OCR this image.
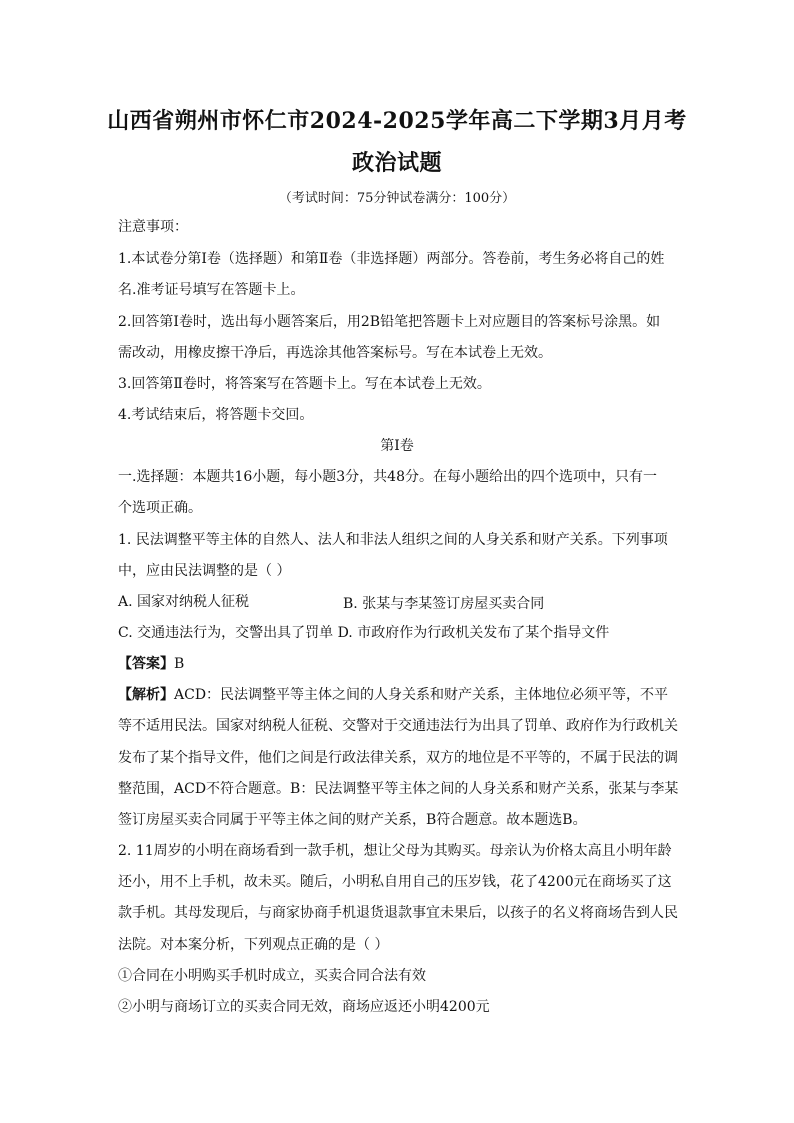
山西省朔州市怀仁市2024-2025学年高二下学期3月月考
政治试题
（考试时间：75分钟试卷满分：100分）
注意事项：
1.本试卷分第Ⅰ卷（选择题）和第Ⅱ卷（非选择题）两部分。答卷前，考生务必将自己的姓
名.准考证号填写在答题卡上。
2.回答第Ⅰ卷时，选出每小题答案后，用2B铅笔把答题卡上对应题目的答案标号涂黑。如
需改动，用橡皮擦干净后，再选涂其他答案标号。写在本试卷上无效。
3.回答第Ⅱ卷时，将答案写在答题卡上。写在本试卷上无效。
4.考试结束后，将答题卡交回。
第Ⅰ卷
一.选择题：本题共16小题，每小题3分，共48分。在每小题给出的四个选项中，只有一
个选项正确。
1. 民法调整平等主体的自然人、法人和非法人组织之间的人身关系和财产关系。下列事项
中，应由民法调整的是（ ）
A. 国家对纳税人征税	B. 张某与李某签订房屋买卖合同
C. 交通违法行为，交警出具了罚单 D. 市政府作为行政机关发布了某个指导文件
【答案】B
【解析】ACD：民法调整平等主体之间的人身关系和财产关系，主体地位必须平等，不平
等不适用民法。国家对纳税人征税、交警对于交通违法行为出具了罚单、政府作为行政机关
发布了某个指导文件，他们之间是行政法律关系，双方的地位是不平等的，不属于民法的调
整范围，ACD不符合题意。B：民法调整平等主体之间的人身关系和财产关系，张某与李某
签订房屋买卖合同属于平等主体之间的财产关系，B符合题意。故本题选B。
2. 11周岁的小明在商场看到一款手机，想让父母为其购买。母亲认为价格太高且小明年龄
还小，用不上手机，故未买。随后，小明私自用自己的压岁钱，花了4200元在商场买了这
款手机。其母发现后，与商家协商手机退货退款事宜未果后，以孩子的名义将商场告到人民
法院。对本案分析，下列观点正确的是（ ）
①合同在小明购买手机时成立，买卖合同合法有效
②小明与商场订立的买卖合同无效，商场应返还小明4200元
